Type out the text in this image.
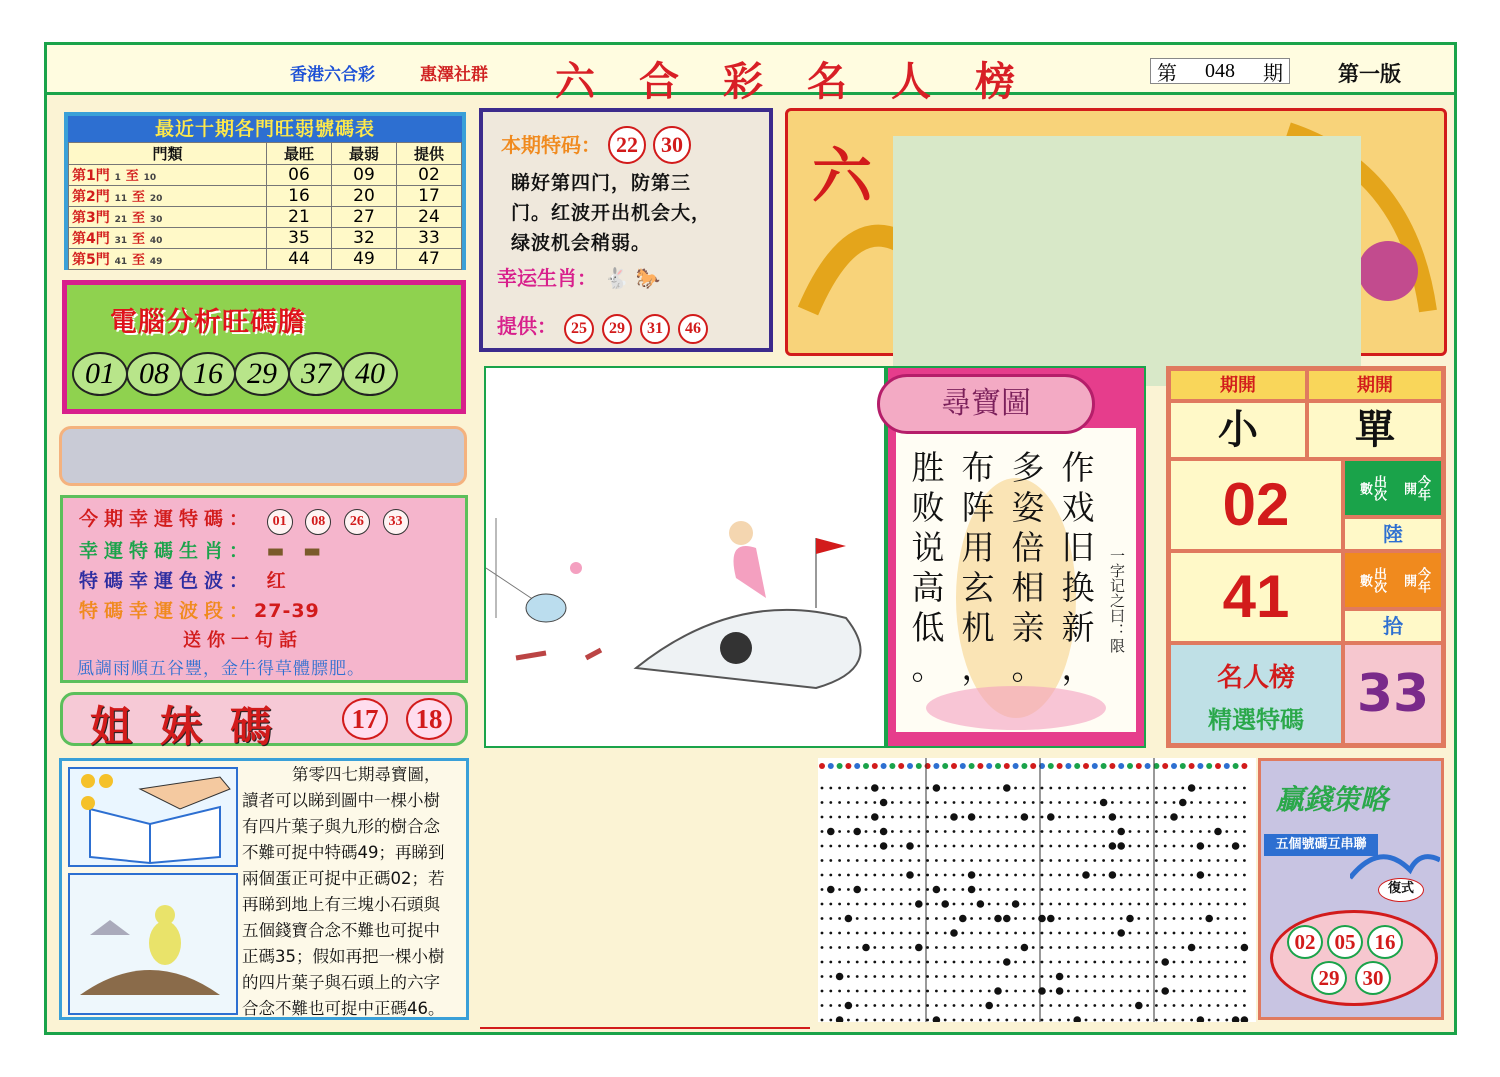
香港六合彩	惠澤社群 六合彩名人榜	第 048 期	第一版
最近十期各門旺弱號碼表
門類	最旺	最弱	提供
第1門 1 至 10	06	09	02
第2門 11 至 20	16	20	17
第3門 21 至 30	21	27	24
第4門 31 至 40	35	32	33
第5門 41 至 49	44	49	47
電腦分析旺碼膽
01 08 16 29 37 40
今期幸運特碼： 01 08 26 33
幸運特碼生肖： ▬ ▬
特碼幸運色波： 红
特碼幸運波段：27-39
送你一句話
風調雨順五谷豐，金牛得草體膘肥。
姐妹碼	17	18
第零四七期尋寶圖，
讀者可以睇到圖中一棵小樹
有四片葉子與九形的樹合念
不難可捉中特碼49；再睇到
兩個蛋正可捉中正碼02；若
再睇到地上有三塊小石頭與
五個錢寶合念不難也可捉中
正碼35；假如再把一棵小樹
的四片葉子與石頭上的六字
合念不難也可捉中正碼46。
本期特码： 22 30
睇好第四门，防第三
门。红波开出机会大，
绿波机会稍弱。
幸运生肖： 🐇 🐎
提供： 25 29 31 46
六
尋寶圖
作戏旧换新
，
多姿倍相亲
。
布阵用玄机
，
胜败说高低
。
一字记之曰：限
期開	期開
小	單
02	出次數	今年開
陸
41	出次數	今年開
拾
名人榜
精選特碼	33
贏錢策略
五個號碼互串聯
復式
02 05 16
29	30
